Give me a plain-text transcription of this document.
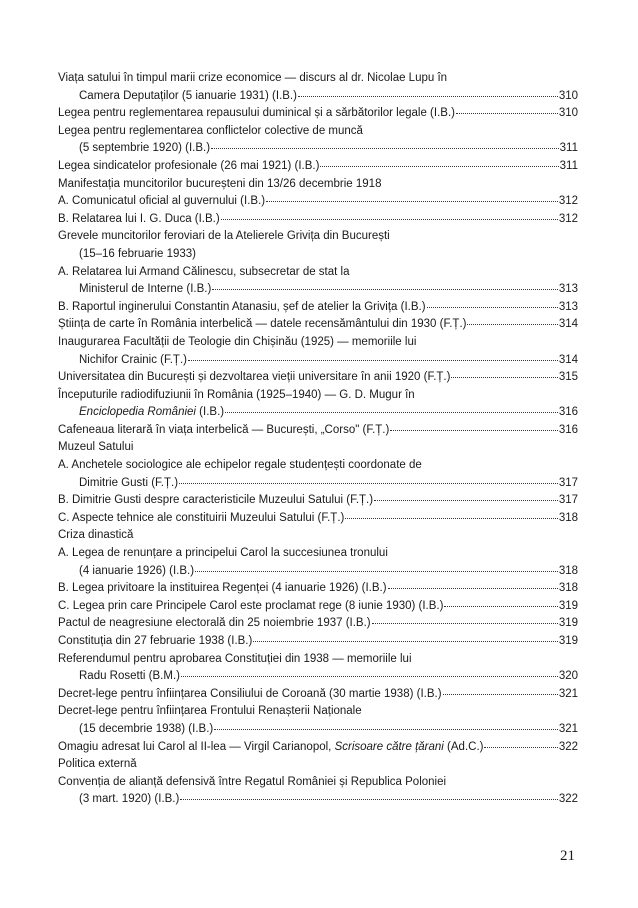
Viața satului în timpul marii crize economice — discurs al dr. Nicolae Lupu în
Camera Deputaților (5 ianuarie 1931) (I.B.)	310
Legea pentru reglementarea repausului duminical și a sărbătorilor legale (I.B.)	310
Legea pentru reglementarea conflictelor colective de muncă
(5 septembrie 1920) (I.B.)	311
Legea sindicatelor profesionale (26 mai 1921) (I.B.)	311
Manifestația muncitorilor bucureșteni din 13/26 decembrie 1918
A. Comunicatul oficial al guvernului (I.B.)	312
B. Relatarea lui I. G. Duca (I.B.)	312
Grevele muncitorilor feroviari de la Atelierele Grivița din București
(15–16 februarie 1933)
A. Relatarea lui Armand Călinescu, subsecretar de stat la
Ministerul de Interne (I.B.)	313
B. Raportul inginerului Constantin Atanasiu, șef de atelier la Grivița (I.B.)	313
Știința de carte în România interbelică — datele recensământului din 1930 (F.Ț.)	314
Inaugurarea Facultății de Teologie din Chișinău (1925) — memoriile lui
Nichifor Crainic (F.Ț.)	314
Universitatea din București și dezvoltarea vieții universitare în anii 1920 (F.Ț.)	315
Începuturile radiodifuziunii în România (1925–1940) — G. D. Mugur în
Enciclopedia României (I.B.)	316
Cafeneaua literară în viața interbelică — București, „Corso" (F.Ț.)	316
Muzeul Satului
A. Anchetele sociologice ale echipelor regale studențești coordonate de
Dimitrie Gusti (F.Ț.)	317
B. Dimitrie Gusti despre caracteristicile Muzeului Satului (F.Ț.)	317
C. Aspecte tehnice ale constituirii Muzeului Satului (F.Ț.)	318
Criza dinastică
A. Legea de renunțare a principelui Carol la succesiunea tronului
(4 ianuarie 1926) (I.B.)	318
B. Legea privitoare la instituirea Regenței (4 ianuarie 1926) (I.B.)	318
C. Legea prin care Principele Carol este proclamat rege (8 iunie 1930) (I.B.)	319
Pactul de neagresiune electorală din 25 noiembrie 1937 (I.B.)	319
Constituția din 27 februarie 1938 (I.B.)	319
Referendumul pentru aprobarea Constituției din 1938 — memoriile lui
Radu Rosetti (B.M.)	320
Decret-lege pentru înființarea Consiliului de Coroană (30 martie 1938) (I.B.)	321
Decret-lege pentru înființarea Frontului Renașterii Naționale
(15 decembrie 1938) (I.B.)	321
Omagiu adresat lui Carol al II-lea — Virgil Carianopol, Scrisoare către țărani (Ad.C.)	322
Politica externă
Convenția de alianță defensivă între Regatul României și Republica Poloniei
(3 mart. 1920) (I.B.)	322
21
